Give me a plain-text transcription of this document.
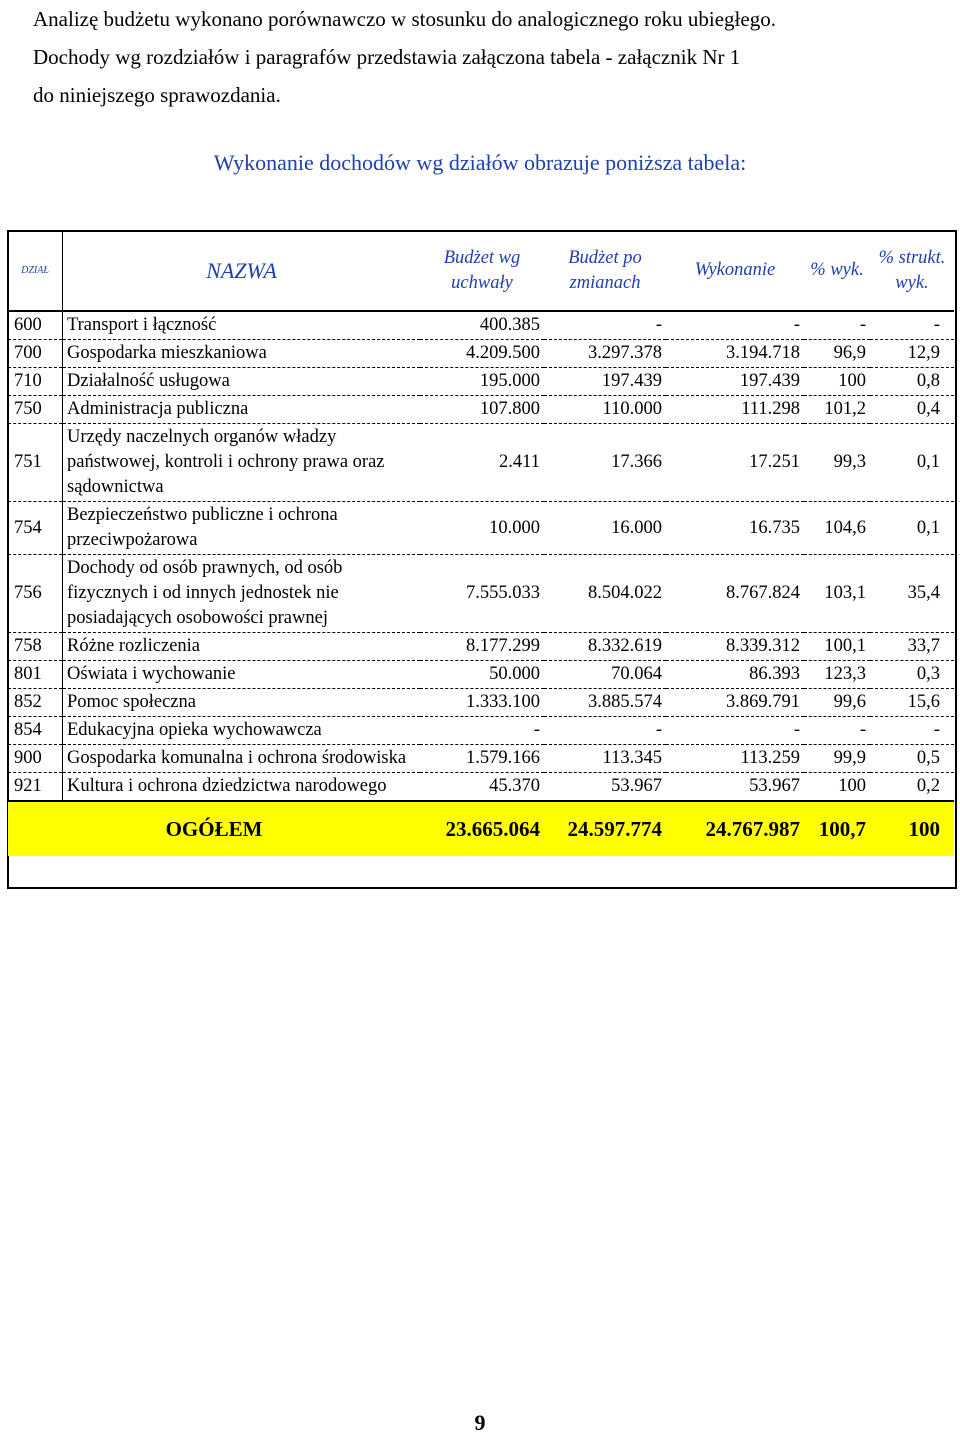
Analizę budżetu wykonano porównawczo w stosunku do analogicznego roku ubiegłego.

Dochody wg rozdziałów i paragrafów przedstawia załączona tabela - załącznik Nr 1

do niniejszego sprawozdania.

Wykonanie dochodów wg działów obrazuje poniższa tabela:
DZIAŁ	NAZWA	Budżet wg uchwały	Budżet po zmianach	Wykonanie	% wyk.	% strukt. wyk.
600	Transport i łączność	400.385	-	-	-	-
700	Gospodarka mieszkaniowa	4.209.500	3.297.378	3.194.718	96,9	12,9
710	Działalność usługowa	195.000	197.439	197.439	100	0,8
750	Administracja publiczna	107.800	110.000	111.298	101,2	0,4
751	Urzędy naczelnych organów władzy państwowej, kontroli i ochrony prawa oraz sądownictwa	2.411	17.366	17.251	99,3	0,1
754	Bezpieczeństwo publiczne i ochrona przeciwpożarowa	10.000	16.000	16.735	104,6	0,1
756	Dochody od osób prawnych, od osób fizycznych i od innych jednostek nie posiadających osobowości prawnej	7.555.033	8.504.022	8.767.824	103,1	35,4
758	Różne rozliczenia	8.177.299	8.332.619	8.339.312	100,1	33,7
801	Oświata i wychowanie	50.000	70.064	86.393	123,3	0,3
852	Pomoc społeczna	1.333.100	3.885.574	3.869.791	99,6	15,6
854	Edukacyjna opieka wychowawcza	-	-	-	-	-
900	Gospodarka komunalna i ochrona środowiska	1.579.166	113.345	113.259	99,9	0,5
921	Kultura i ochrona dziedzictwa narodowego	45.370	53.967	53.967	100	0,2
OGÓŁEM		23.665.064	24.597.774	24.767.987	100,7	100
9
